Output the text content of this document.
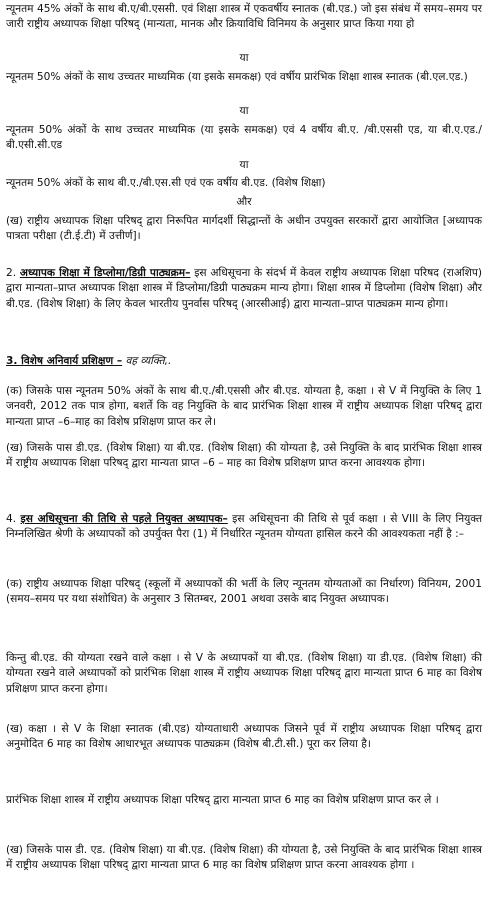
न्यूनतम 45% अंकों के साथ बी.ए/बी.एससी. एवं शिक्षा शास्त्र में एकवर्षीय स्नातक (बी.एड.) जो इस संबंध में समय–समय पर जारी राष्ट्रीय अध्यापक शिक्षा परिषद् (मान्यता, मानक और क्रियाविधि विनिमय के अनुसार प्राप्त किया गया हो

या

न्यूनतम 50% अंकों के साथ उच्चतर माध्यमिक (या इसके समकक्ष) एवं वर्षीय प्रारंभिक शिक्षा शास्त्र स्नातक (बी.एल.एड.)

या

न्यूनतम 50% अंकों के साथ उच्चतर माध्यमिक (या इसके समकक्ष) एवं 4 वर्षीय बी.ए. /बी.एससी एड, या बी.ए.एड./बी.एसी.सी.एड

या

न्यूनतम 50% अंकों के साथ बी.ए./बी.एस.सी एवं एक वर्षीय बी.एड. (विशेष शिक्षा)

और

(ख) राष्ट्रीय अध्यापक शिक्षा परिषद् द्वारा निरूपित मार्गदर्शी सिद्धान्तों के अधीन उपयुक्त सरकारों द्वारा आयोजित [अध्यापक पात्रता परीक्षा (टी.ई.टी) में उत्तीर्ण]।

2. अध्यापक शिक्षा में डिप्लोमा/डिग्री पाठ्यक्रम– इस अधिसूचना के संदर्भ में केवल राष्ट्रीय अध्यापक शिक्षा परिषद (राअशिप) द्वारा मान्यता–प्राप्त अध्यापक शिक्षा शास्त्र में डिप्लोमा/डिग्री पाठ्यक्रम मान्य होगा। शिक्षा शास्त्र में डिप्लोमा (विशेष शिक्षा) और बी.एड. (विशेष शिक्षा) के लिए केवल भारतीय पुनर्वास परिषद् (आरसीआई) द्वारा मान्यता–प्राप्त पाठ्यक्रम मान्य होगा।

3. विशेष अनिवार्य प्रशिक्षण – वह व्यक्ति,.

(क) जिसके पास न्यूनतम 50% अंकों के साथ बी.ए./बी.एससी और बी.एड. योग्यता है, कक्षा । से V में नियुक्ति के लिए 1 जनवरी, 2012 तक पात्र होगा, बशर्ते कि वह नियुक्ति के बाद प्रारंभिक शिक्षा शास्त्र में राष्ट्रीय अध्यापक शिक्षा परिषद् द्वारा मान्यता प्राप्त –6–माह का विशेष प्रशिक्षण प्राप्त कर ले।

(ख) जिसके पास डी.एड. (विशेष शिक्षा) या बी.एड. (विशेष शिक्षा) की योग्यता है, उसे नियुक्ति के बाद प्रारंभिक शिक्षा शास्त्र में राष्ट्रीय अध्यापक शिक्षा परिषद् द्वारा मान्यता प्राप्त –6 – माह का विशेष प्रशिक्षण प्राप्त करना आवश्यक होगा।

4. इस अधिसूचना की तिथि से पहले नियुक्त अध्यापक– इस अधिसूचना की तिथि से पूर्व कक्षा । से VIII के लिए नियुक्त निम्नलिखित श्रेणी के अध्यापकों को उपर्युक्त पैरा (1) में निर्धारित न्यूनतम योग्यता हासिल करने की आवश्यकता नहीं है :–

(क) राष्ट्रीय अध्यापक शिक्षा परिषद् (स्कूलों में अध्यापकों की भर्ती के लिए न्यूनतम योग्यताओं का निर्धारण) विनियम, 2001 (समय–समय पर यथा संशोधित) के अनुसार 3 सितम्बर, 2001 अथवा उसके बाद नियुक्त अध्यापक।

किन्तु बी.एड. की योग्यता रखने वाले कक्षा । से V के अध्यापकों या बी.एड. (विशेष शिक्षा) या डी.एड. (विशेष शिक्षा) की योग्यता रखने वाले अध्यापकों को प्रारंभिक शिक्षा शास्त्र में राष्ट्रीय अध्यापक शिक्षा परिषद् द्वारा मान्यता प्राप्त 6 माह का विशेष प्रशिक्षण प्राप्त करना होगा।

(ख) कक्षा । से V के शिक्षा स्नातक (बी.एड) योग्यताधारी अध्यापक जिसने पूर्व में राष्ट्रीय अध्यापक शिक्षा परिषद् द्वारा अनुमोदित 6 माह का विशेष आधारभूत अध्यापक पाठ्यक्रम (विशेष बी.टी.सी.) पूरा कर लिया है।

प्रारंभिक शिक्षा शास्त्र में राष्ट्रीय अध्यापक शिक्षा परिषद् द्वारा मान्यता प्राप्त 6 माह का विशेष प्रशिक्षण प्राप्त कर ले ।

(ख) जिसके पास डी. एड. (विशेष शिक्षा) या बी.एड. (विशेष शिक्षा) की योग्यता है, उसे नियुक्ति के बाद प्रारंभिक शिक्षा शास्त्र में राष्ट्रीय अध्यापक शिक्षा परिषद् द्वारा मान्यता प्राप्त 6 माह का विशेष प्रशिक्षण प्राप्त करना आवश्यक होगा ।
